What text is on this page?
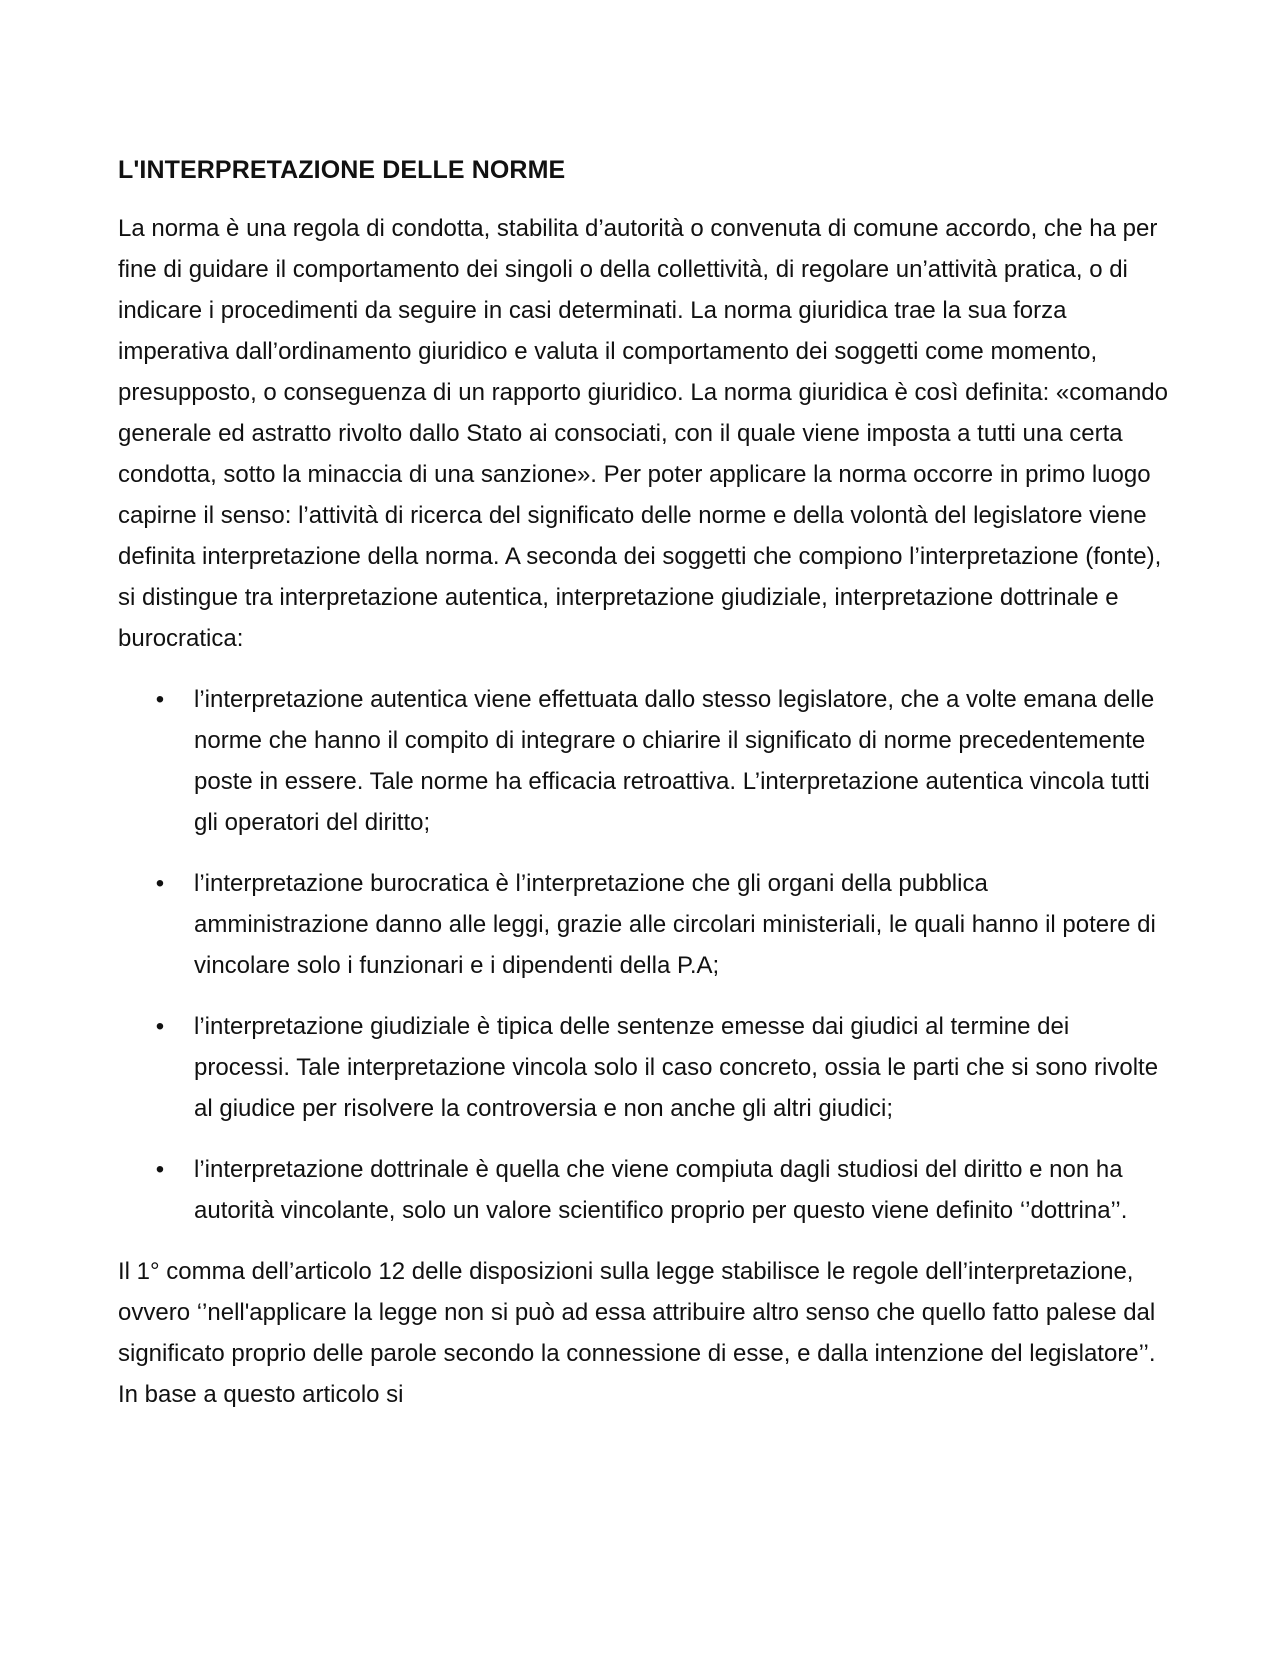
L'INTERPRETAZIONE DELLE NORME

La norma è una regola di condotta, stabilita d’autorità o convenuta di comune accordo, che ha per fine di guidare il comportamento dei singoli o della collettività, di regolare un’attività pratica, o di indicare i procedimenti da seguire in casi determinati. La norma giuridica trae la sua forza imperativa dall’ordinamento giuridico e valuta il comportamento dei soggetti come momento, presupposto, o conseguenza di un rapporto giuridico. La norma giuridica è così definita: «comando generale ed astratto rivolto dallo Stato ai consociati, con il quale viene imposta a tutti una certa condotta, sotto la minaccia di una sanzione». Per poter applicare la norma occorre in primo luogo capirne il senso: l’attività di ricerca del significato delle norme e della volontà del legislatore viene definita interpretazione della norma. A seconda dei soggetti che compiono l’interpretazione (fonte), si distingue tra interpretazione autentica, interpretazione giudiziale, interpretazione dottrinale e burocratica:

• l’interpretazione autentica viene effettuata dallo stesso legislatore, che a volte emana delle norme che hanno il compito di integrare o chiarire il significato di norme precedentemente poste in essere. Tale norme ha efficacia retroattiva. L’interpretazione autentica vincola tutti gli operatori del diritto;
• l’interpretazione burocratica è l’interpretazione che gli organi della pubblica amministrazione danno alle leggi, grazie alle circolari ministeriali, le quali hanno il potere di vincolare solo i funzionari e i dipendenti della P.A;
• l’interpretazione giudiziale è tipica delle sentenze emesse dai giudici al termine dei processi. Tale interpretazione vincola solo il caso concreto, ossia le parti che si sono rivolte al giudice per risolvere la controversia e non anche gli altri giudici;
• l’interpretazione dottrinale è quella che viene compiuta dagli studiosi del diritto e non ha autorità vincolante, solo un valore scientifico proprio per questo viene definito ‘’dottrina’’.

Il 1° comma dell’articolo 12 delle disposizioni sulla legge stabilisce le regole dell’interpretazione, ovvero ‘’nell'applicare la legge non si può ad essa attribuire altro senso che quello fatto palese dal significato proprio delle parole secondo la connessione di esse, e dalla intenzione del legislatore’’. In base a questo articolo si
